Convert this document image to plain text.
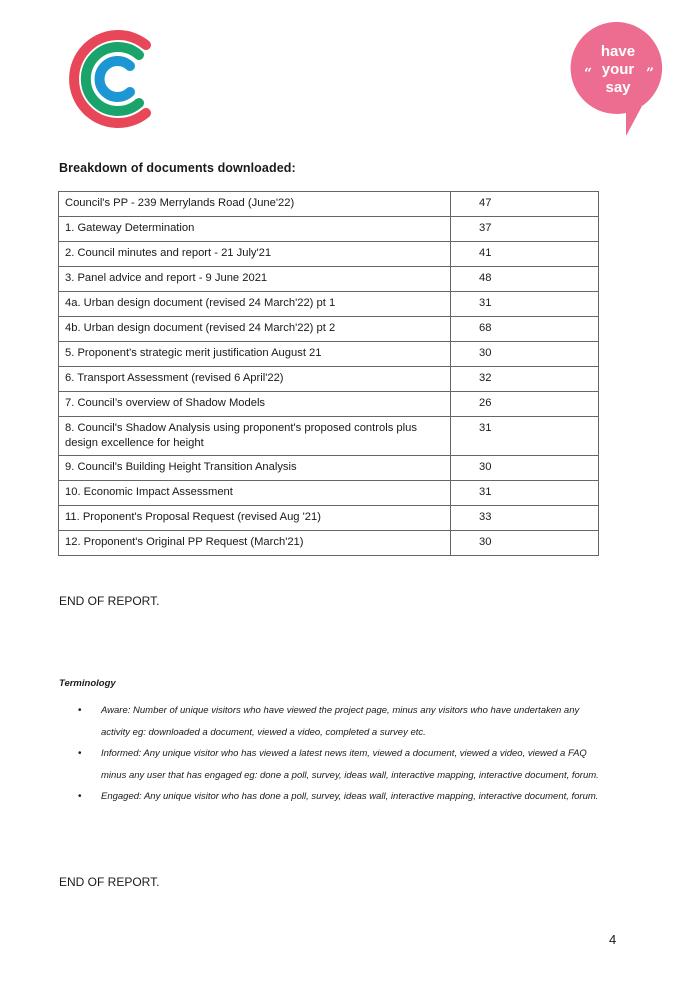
“	”
have
your
say
Breakdown of documents downloaded:
Council's PP - 239 Merrylands Road (June'22)	47
1. Gateway Determination	37
2. Council minutes and report - 21 July'21	41
3. Panel advice and report - 9 June 2021	48
4a. Urban design document (revised 24 March'22) pt 1	31
4b. Urban design document (revised 24 March'22) pt 2	68
5. Proponent's strategic merit justification August 21	30
6. Transport Assessment (revised 6 April'22)	32
7. Council’s overview of Shadow Models	26
8. Council's Shadow Analysis using proponent's proposed controls plus design excellence for height	31
9. Council's Building Height Transition Analysis	30
10. Economic Impact Assessment	31
11. Proponent's Proposal Request (revised Aug '21)	33
12. Proponent's Original PP Request (March'21)	30
END OF REPORT.
Terminology
• Aware: Number of unique visitors who have viewed the project page, minus any visitors who have undertaken any activity eg: downloaded a document, viewed a video, completed a survey etc.
• Informed: Any unique visitor who has viewed a latest news item, viewed a document, viewed a video, viewed a FAQ minus any user that has engaged eg: done a poll, survey, ideas wall, interactive mapping, interactive document, forum.
• Engaged: Any unique visitor who has done a poll, survey, ideas wall, interactive mapping, interactive document, forum.
END OF REPORT.
4
